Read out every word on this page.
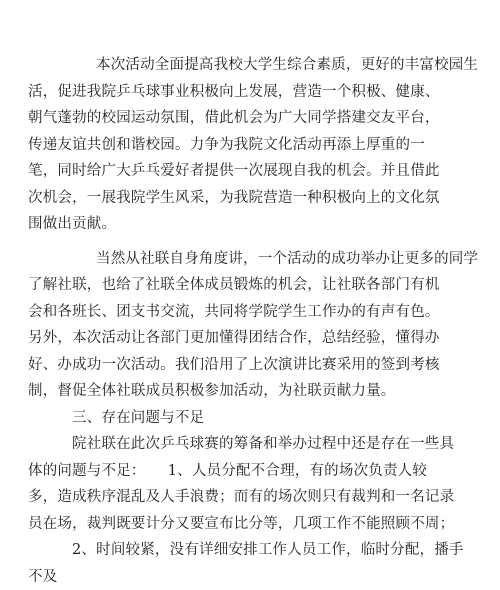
本次活动全面提高我校大学生综合素质，更好的丰富校园生
活，促进我院乒乓球事业积极向上发展，营造一个积极、健康、
朝气蓬勃的校园运动氛围，借此机会为广大同学搭建交友平台，
传递友谊共创和谐校园。力争为我院文化活动再添上厚重的一
笔，同时给广大乒乓爱好者提供一次展现自我的机会。并且借此
次机会，一展我院学生风采，为我院营造一种积极向上的文化氛
围做出贡献。
当然从社联自身角度讲，一个活动的成功举办让更多的同学
了解社联，也给了社联全体成员锻炼的机会，让社联各部门有机
会和各班长、团支书交流，共同将学院学生工作办的有声有色。
另外，本次活动让各部门更加懂得团结合作，总结经验，懂得办
好、办成功一次活动。我们沿用了上次演讲比赛采用的签到考核
制，督促全体社联成员积极参加活动，为社联贡献力量。
三、存在问题与不足
院社联在此次乒乓球赛的筹备和举办过程中还是存在一些具
体的问题与不足：　　1、人员分配不合理，有的场次负责人较
多，造成秩序混乱及人手浪费；而有的场次则只有裁判和一名记录
员在场，裁判既要计分又要宣布比分等，几项工作不能照顾不周；
2、时间较紧，没有详细安排工作人员工作，临时分配，播手
不及
